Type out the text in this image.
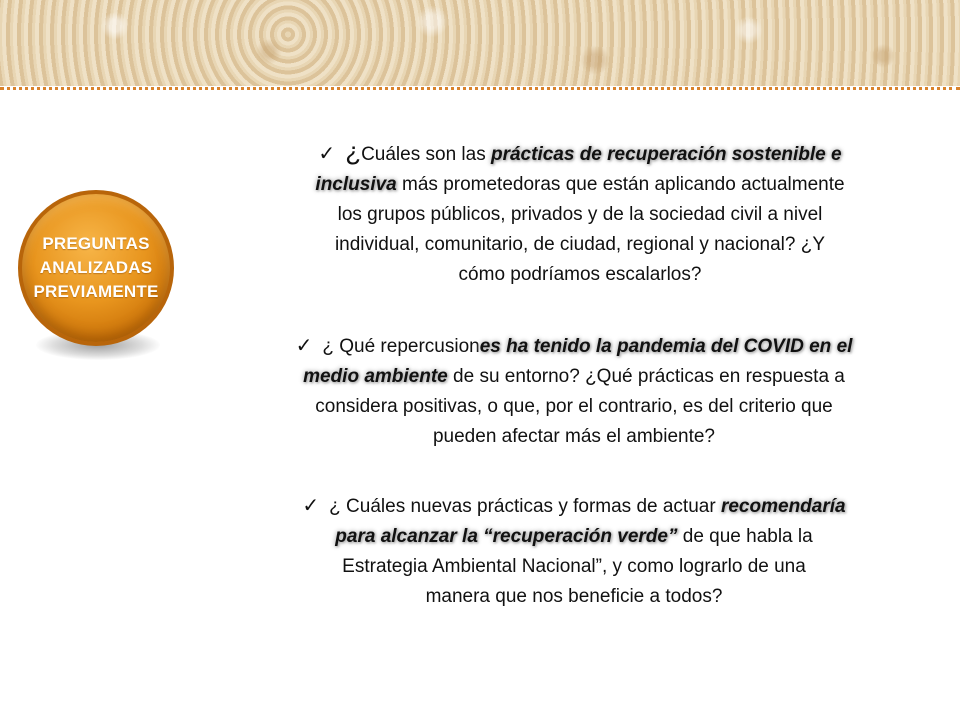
PREGUNTAS
ANALIZADAS
PREVIAMENTE
✓ ¿Cuáles son las prácticas de recuperación sostenible e
inclusiva más prometedoras que están aplicando actualmente
los grupos públicos, privados y de la sociedad civil a nivel
individual, comunitario, de ciudad, regional y nacional? ¿Y
cómo podríamos escalarlos?
✓ ¿ Qué repercusiones ha tenido la pandemia del COVID en el
medio ambiente de su entorno? ¿Qué prácticas en respuesta a
considera positivas, o que, por el contrario, es del criterio que
pueden afectar más el ambiente?
✓ ¿ Cuáles nuevas prácticas y formas de actuar recomendaría
para alcanzar la “recuperación verde” de que habla la
Estrategia Ambiental Nacional”, y como lograrlo de una
manera que nos beneficie a todos?
